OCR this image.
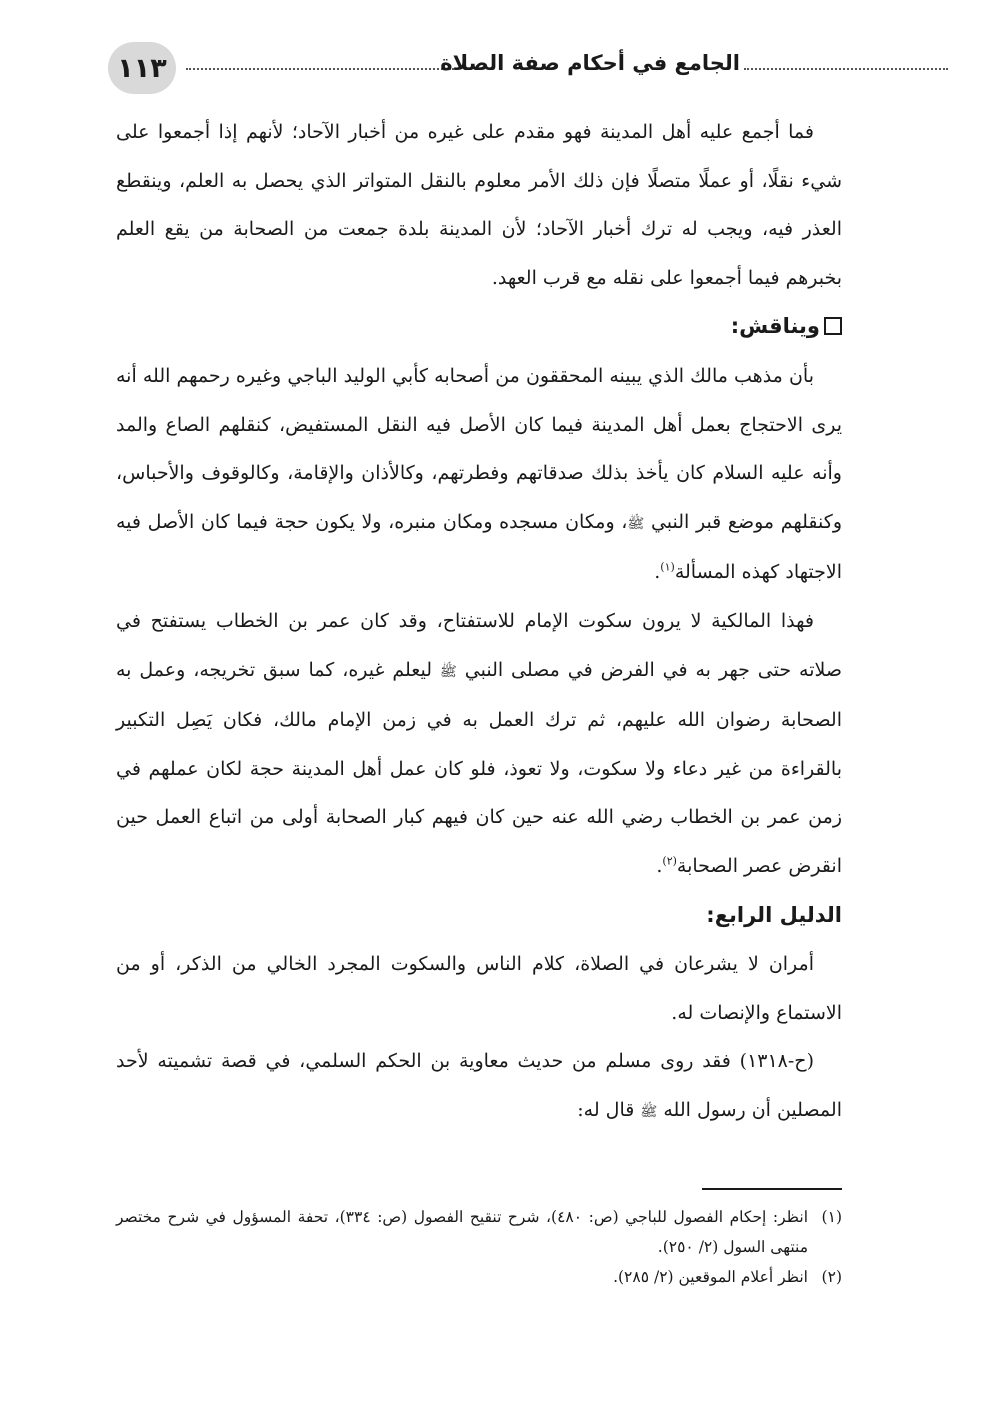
١١٣	الجامع في أحكام صفة الصلاة

فما أجمع عليه أهل المدينة فهو مقدم على غيره من أخبار الآحاد؛ لأنهم إذا أجمعوا على شيء نقلًا، أو عملًا متصلًا فإن ذلك الأمر معلوم بالنقل المتواتر الذي يحصل به العلم، وينقطع العذر فيه، ويجب له ترك أخبار الآحاد؛ لأن المدينة بلدة جمعت من الصحابة من يقع العلم بخبرهم فيما أجمعوا على نقله مع قرب العهد.

ويناقش:

بأن مذهب مالك الذي يبينه المحققون من أصحابه كأبي الوليد الباجي وغيره رحمهم الله أنه يرى الاحتجاج بعمل أهل المدينة فيما كان الأصل فيه النقل المستفيض، كنقلهم الصاع والمد وأنه عليه السلام كان يأخذ بذلك صدقاتهم وفطرتهم، وكالأذان والإقامة، وكالوقوف والأحباس، وكنقلهم موضع قبر النبي ﷺ، ومكان مسجده ومكان منبره، ولا يكون حجة فيما كان الأصل فيه الاجتهاد كهذه المسألة$^{(١)}$.

فهذا المالكية لا يرون سكوت الإمام للاستفتاح، وقد كان عمر بن الخطاب يستفتح في صلاته حتى جهر به في الفرض في مصلى النبي ﷺ ليعلم غيره، كما سبق تخريجه، وعمل به الصحابة رضوان الله عليهم، ثم ترك العمل به في زمن الإمام مالك، فكان يَصِل التكبير بالقراءة من غير دعاء ولا سكوت، ولا تعوذ، فلو كان عمل أهل المدينة حجة لكان عملهم في زمن عمر بن الخطاب رضي الله عنه حين كان فيهم كبار الصحابة أولى من اتباع العمل حين انقرض عصر الصحابة$^{(٢)}$.

الدليل الرابع:

أمران لا يشرعان في الصلاة، كلام الناس والسكوت المجرد الخالي من الذكر، أو من الاستماع والإنصات له.

(ح-١٣١٨) فقد روى مسلم من حديث معاوية بن الحكم السلمي، في قصة تشميته لأحد المصلين أن رسول الله ﷺ قال له:

(١)
انظر: إحكام الفصول للباجي (ص: ٤٨٠)، شرح تنقيح الفصول (ص: ٣٣٤)، تحفة المسؤول في شرح مختصر منتهى السول (٢/ ٢٥٠).

(٢)
انظر أعلام الموقعين (٢/ ٢٨٥).
